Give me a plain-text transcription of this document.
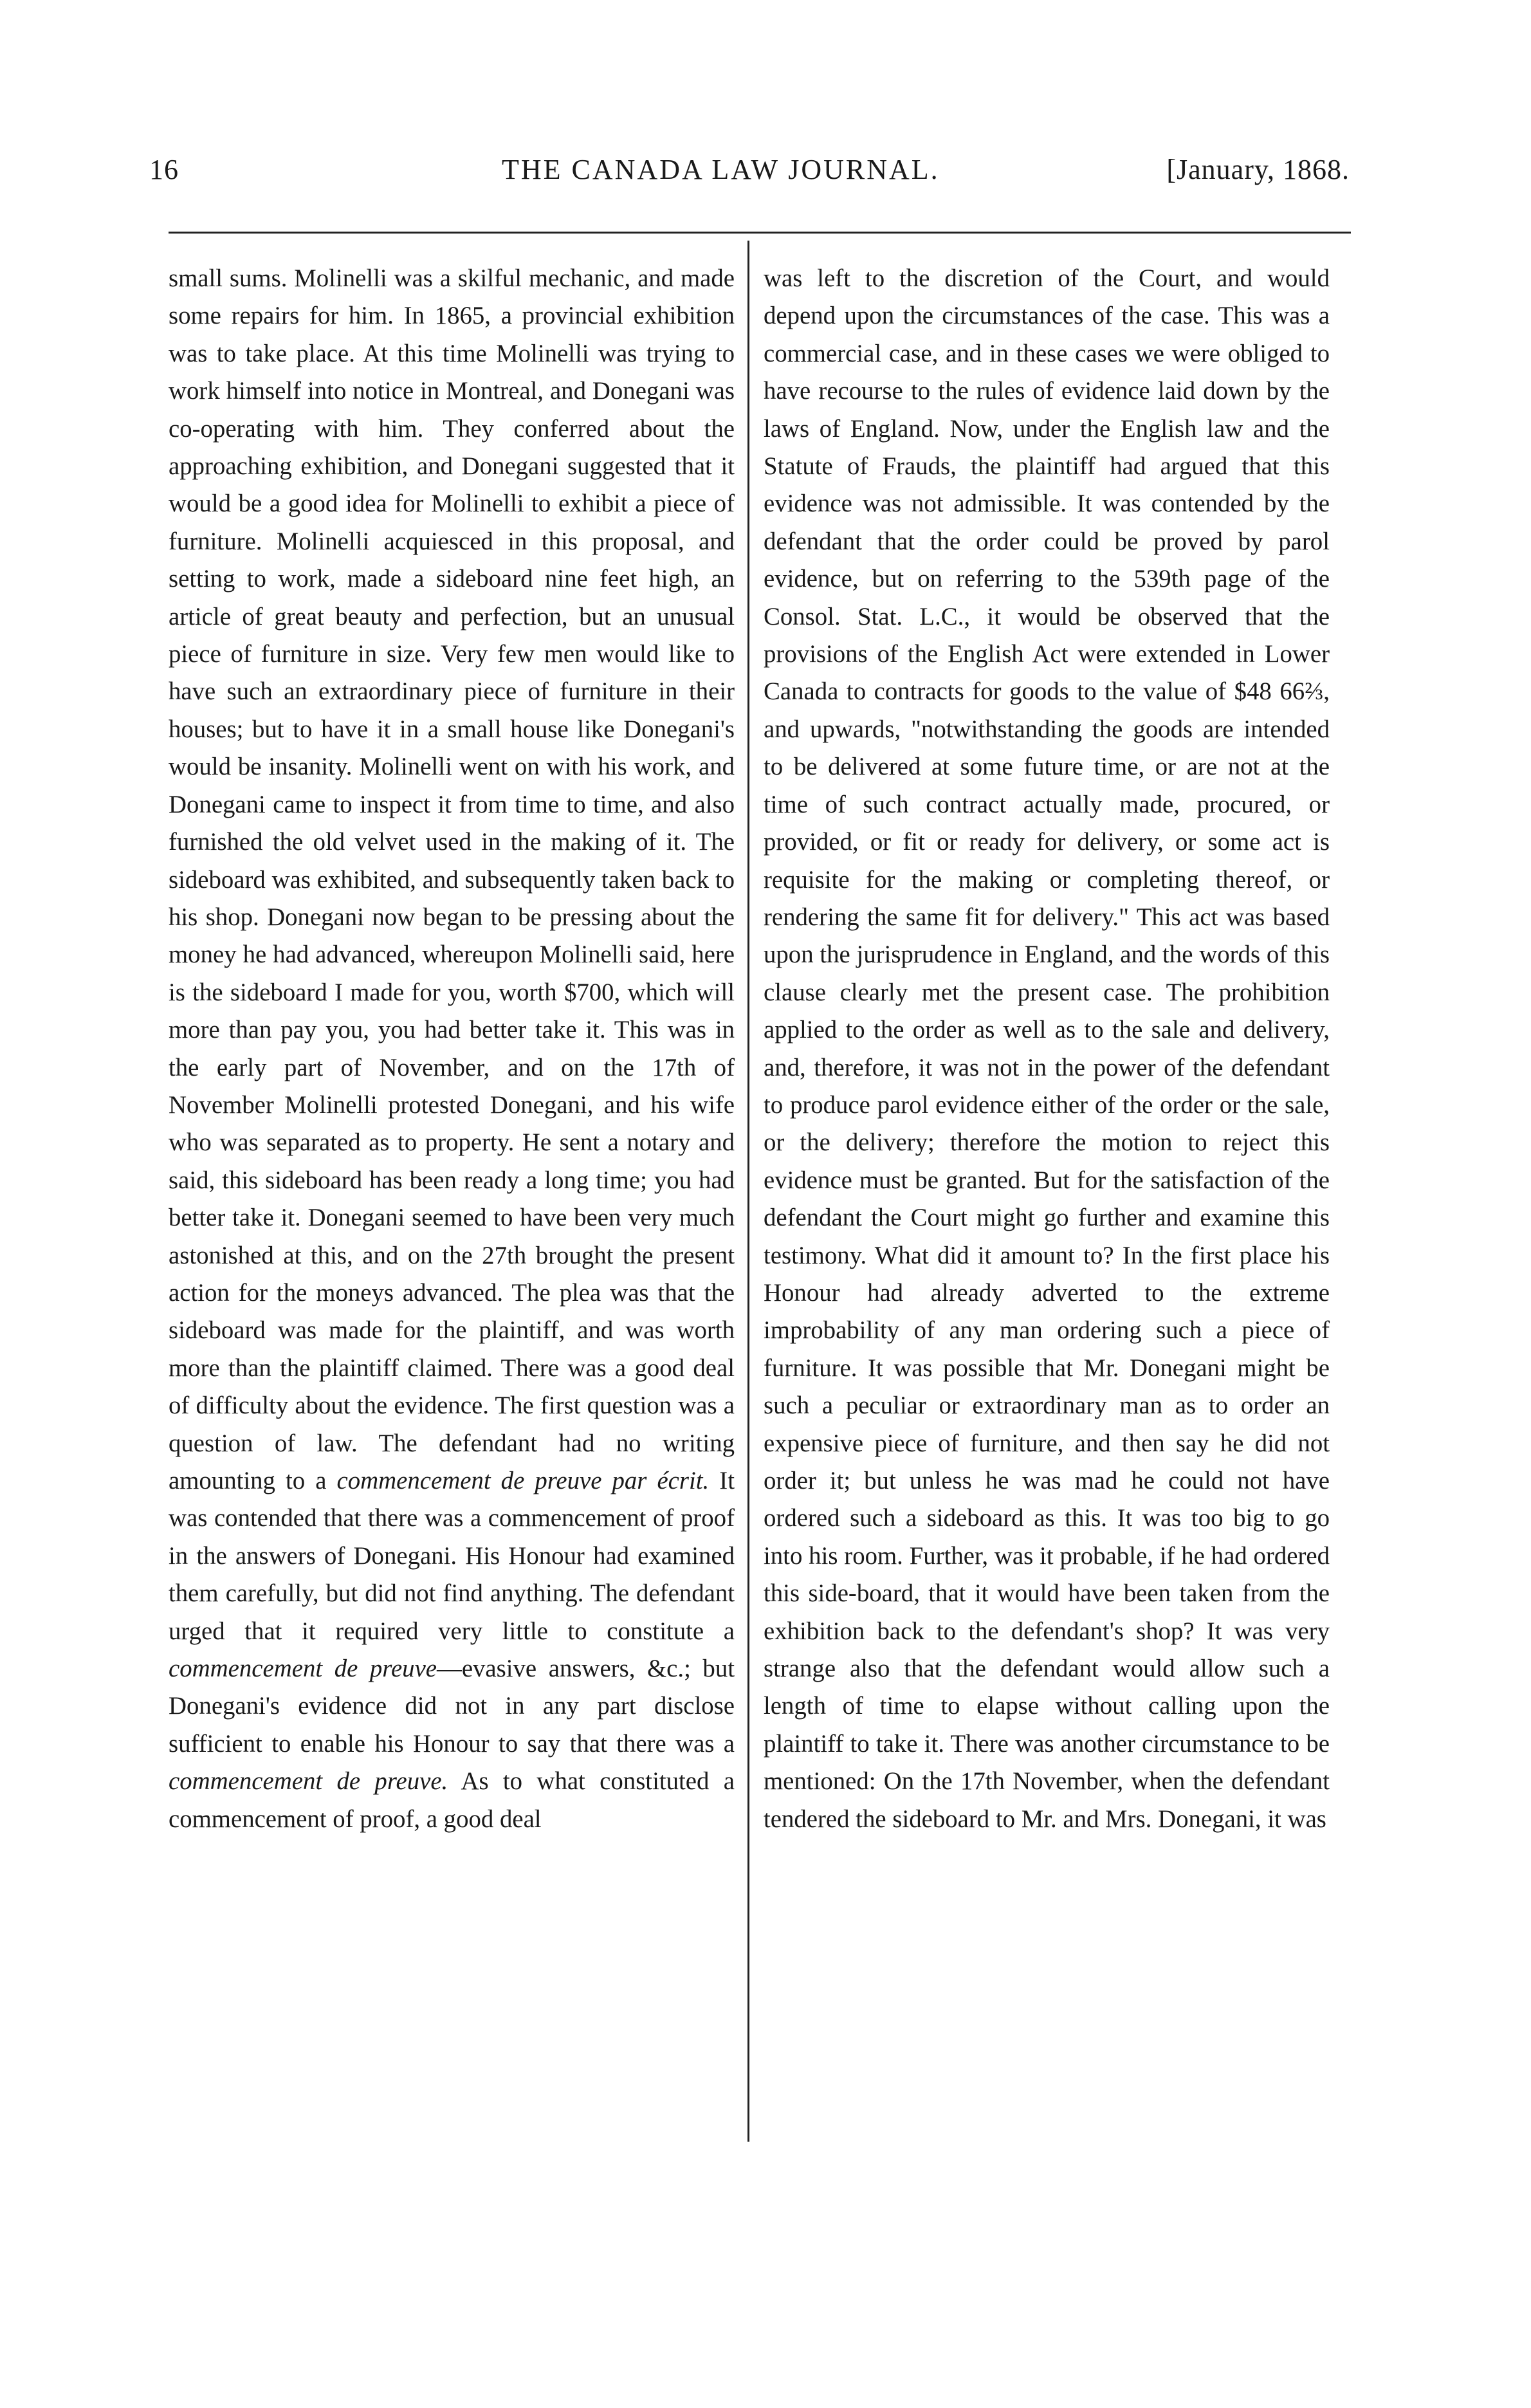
16	THE CANADA LAW JOURNAL.	[January, 1868.

small sums. Molinelli was a skilful mechanic, and made some repairs for him. In 1865, a provincial exhibition was to take place. At this time Molinelli was trying to work himself into notice in Montreal, and Donegani was co-operating with him. They conferred about the approaching exhibition, and Donegani suggested that it would be a good idea for Molinelli to exhibit a piece of furniture. Molinelli acquiesced in this proposal, and setting to work, made a sideboard nine feet high, an article of great beauty and perfection, but an unusual piece of furniture in size. Very few men would like to have such an extraordinary piece of furniture in their houses; but to have it in a small house like Donegani's would be insanity. Molinelli went on with his work, and Donegani came to inspect it from time to time, and also furnished the old velvet used in the making of it. The sideboard was exhibited, and subsequently taken back to his shop. Donegani now began to be pressing about the money he had advanced, whereupon Molinelli said, here is the sideboard I made for you, worth $700, which will more than pay you, you had better take it. This was in the early part of November, and on the 17th of November Molinelli protested Donegani, and his wife who was separated as to property. He sent a notary and said, this sideboard has been ready a long time; you had better take it. Donegani seemed to have been very much astonished at this, and on the 27th brought the present action for the moneys advanced. The plea was that the sideboard was made for the plaintiff, and was worth more than the plaintiff claimed. There was a good deal of difficulty about the evidence. The first question was a question of law. The defendant had no writing amounting to a commencement de preuve par écrit. It was contended that there was a commencement of proof in the answers of Donegani. His Honour had examined them carefully, but did not find anything. The defendant urged that it required very little to constitute a commencement de preuve—evasive answers, &c.; but Donegani's evidence did not in any part disclose sufficient to enable his Honour to say that there was a commencement de preuve. As to what constituted a commencement of proof, a good deal

was left to the discretion of the Court, and would depend upon the circumstances of the case. This was a commercial case, and in these cases we were obliged to have recourse to the rules of evidence laid down by the laws of England. Now, under the English law and the Statute of Frauds, the plaintiff had argued that this evidence was not admissible. It was contended by the defendant that the order could be proved by parol evidence, but on referring to the 539th page of the Consol. Stat. L.C., it would be observed that the provisions of the English Act were extended in Lower Canada to contracts for goods to the value of $48 66⅔, and upwards, "notwithstanding the goods are intended to be delivered at some future time, or are not at the time of such contract actually made, procured, or provided, or fit or ready for delivery, or some act is requisite for the making or completing thereof, or rendering the same fit for delivery." This act was based upon the jurisprudence in England, and the words of this clause clearly met the present case. The prohibition applied to the order as well as to the sale and delivery, and, therefore, it was not in the power of the defendant to produce parol evidence either of the order or the sale, or the delivery; therefore the motion to reject this evidence must be granted. But for the satisfaction of the defendant the Court might go further and examine this testimony. What did it amount to? In the first place his Honour had already adverted to the extreme improbability of any man ordering such a piece of furniture. It was possible that Mr. Donegani might be such a peculiar or extraordinary man as to order an expensive piece of furniture, and then say he did not order it; but unless he was mad he could not have ordered such a sideboard as this. It was too big to go into his room. Further, was it probable, if he had ordered this side-board, that it would have been taken from the exhibition back to the defendant's shop? It was very strange also that the defendant would allow such a length of time to elapse without calling upon the plaintiff to take it. There was another circumstance to be mentioned: On the 17th November, when the defendant tendered the sideboard to Mr. and Mrs. Donegani, it was
